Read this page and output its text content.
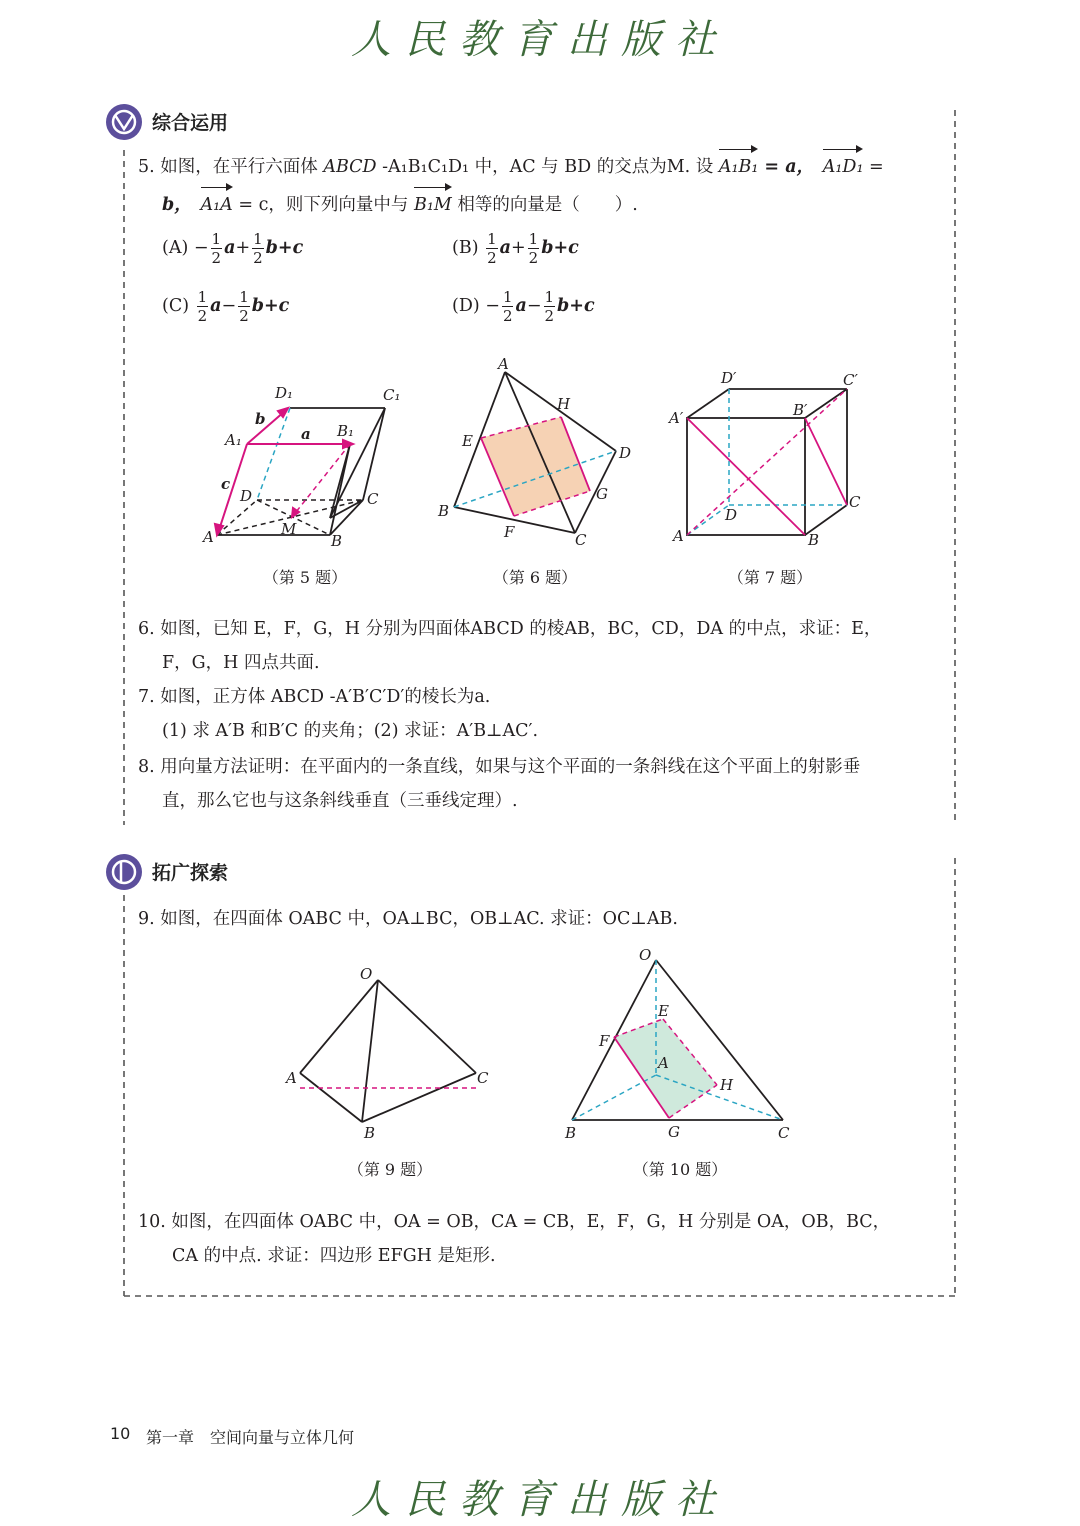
人民教育出版社
综合运用
5. 如图，在平行六面体 ABCD -A₁B₁C₁D₁ 中，AC 与 BD 的交点为M. 设 A₁B₁ = a，　 A₁D₁ =
b，　 A₁A = c，则下列向量中与 B₁M 相等的向量是（　　）.
$(A) - \frac{1}{2} a+ \frac{1}{2} b+c$	$(B) \frac{1}{2} a+ \frac{1}{2} b+c$
$(C) \frac{1}{2} a- \frac{1}{2} b+c$	$(D) - \frac{1}{2} a- \frac{1}{2} b+c$
D₁	C₁
A₁	B₁
b
a
c
D	C
M
A	B
（第 5 题）
A
H
E
D
G
B
F	C
（第 6 题）
D′	C′
A′	B′
D
C
A	B
（第 7 题）
6. 如图，已知 E，F，G，H 分别为四面体ABCD 的棱AB，BC，CD，DA 的中点，求证：E，
F，G，H 四点共面.
7. 如图，正方体 ABCD -A′B′C′D′的棱长为a.
(1) 求 A′B 和B′C 的夹角；(2) 求证：A′B⊥AC′.
8. 用向量方法证明：在平面内的一条直线，如果与这个平面的一条斜线在这个平面上的射影垂
直，那么它也与这条斜线垂直（三垂线定理）.
拓广探索
9. 如图，在四面体 OABC 中，OA⊥BC，OB⊥AC. 求证：OC⊥AB.
O
A	C
B
（第 9 题）
O
E
F
A
H
B	G	C
（第 10 题）
10. 如图，在四面体 OABC 中，OA = OB，CA = CB，E，F，G，H 分别是 OA，OB，BC，
CA 的中点. 求证：四边形 EFGH 是矩形.
10 第一章　空间向量与立体几何
人民教育出版社
